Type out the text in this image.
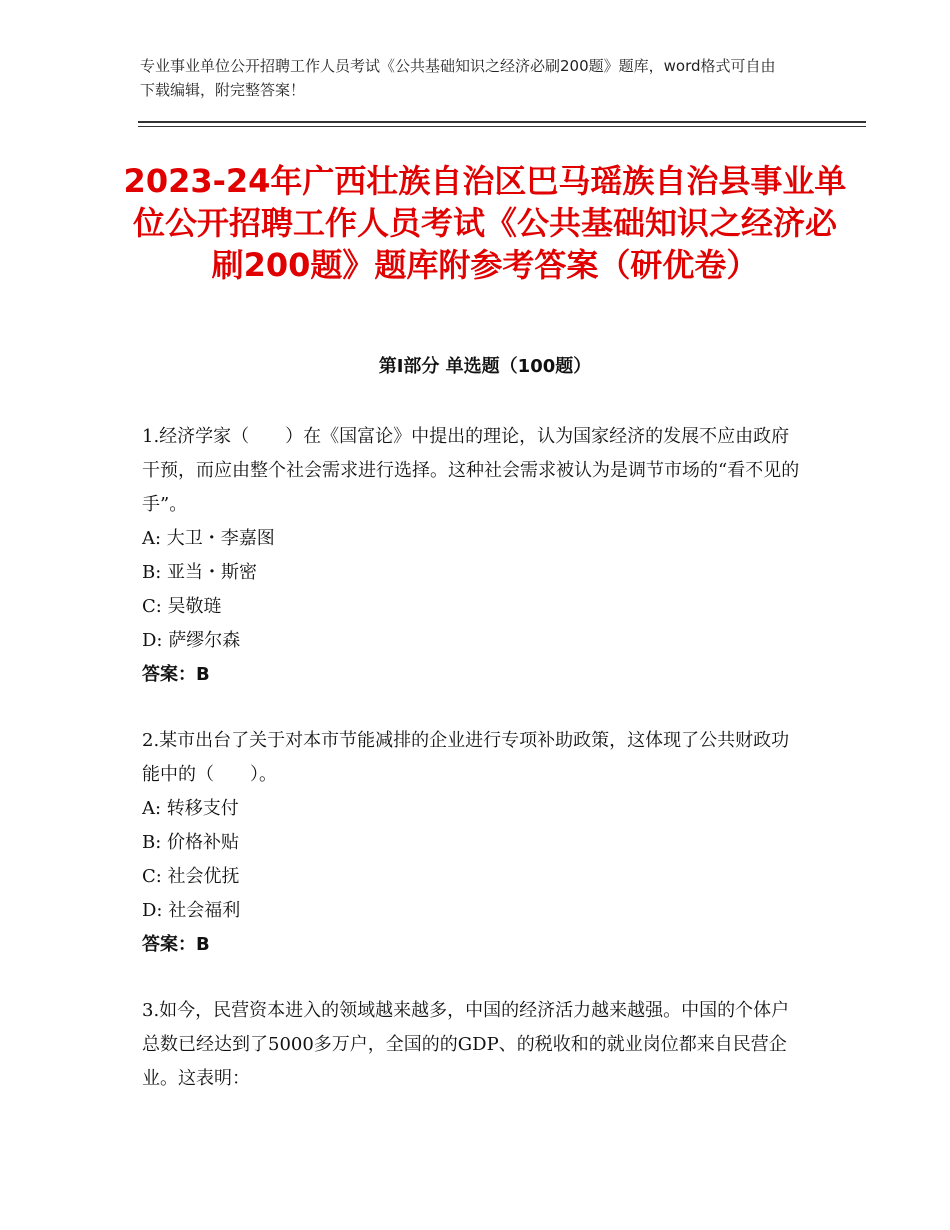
专业事业单位公开招聘工作人员考试《公共基础知识之经济必刷200题》题库，word格式可自由下载编辑，附完整答案！
2023-24年广西壮族自治区巴马瑶族自治县事业单位公开招聘工作人员考试《公共基础知识之经济必刷200题》题库附参考答案（研优卷）
第Ⅰ部分 单选题（100题）
1.经济学家（　　）在《国富论》中提出的理论，认为国家经济的发展不应由政府干预，而应由整个社会需求进行选择。这种社会需求被认为是调节市场的“看不见的手”。
A: 大卫・李嘉图
B: 亚当・斯密
C: 吴敬琏
D: 萨缪尔森
答案：B
2.某市出台了关于对本市节能减排的企业进行专项补助政策，这体现了公共财政功能中的（　　）。
A: 转移支付
B: 价格补贴
C: 社会优抚
D: 社会福利
答案：B
3.如今，民营资本进入的领域越来越多，中国的经济活力越来越强。中国的个体户总数已经达到了5000多万户，全国的的GDP、的税收和的就业岗位都来自民营企业。这表明：
